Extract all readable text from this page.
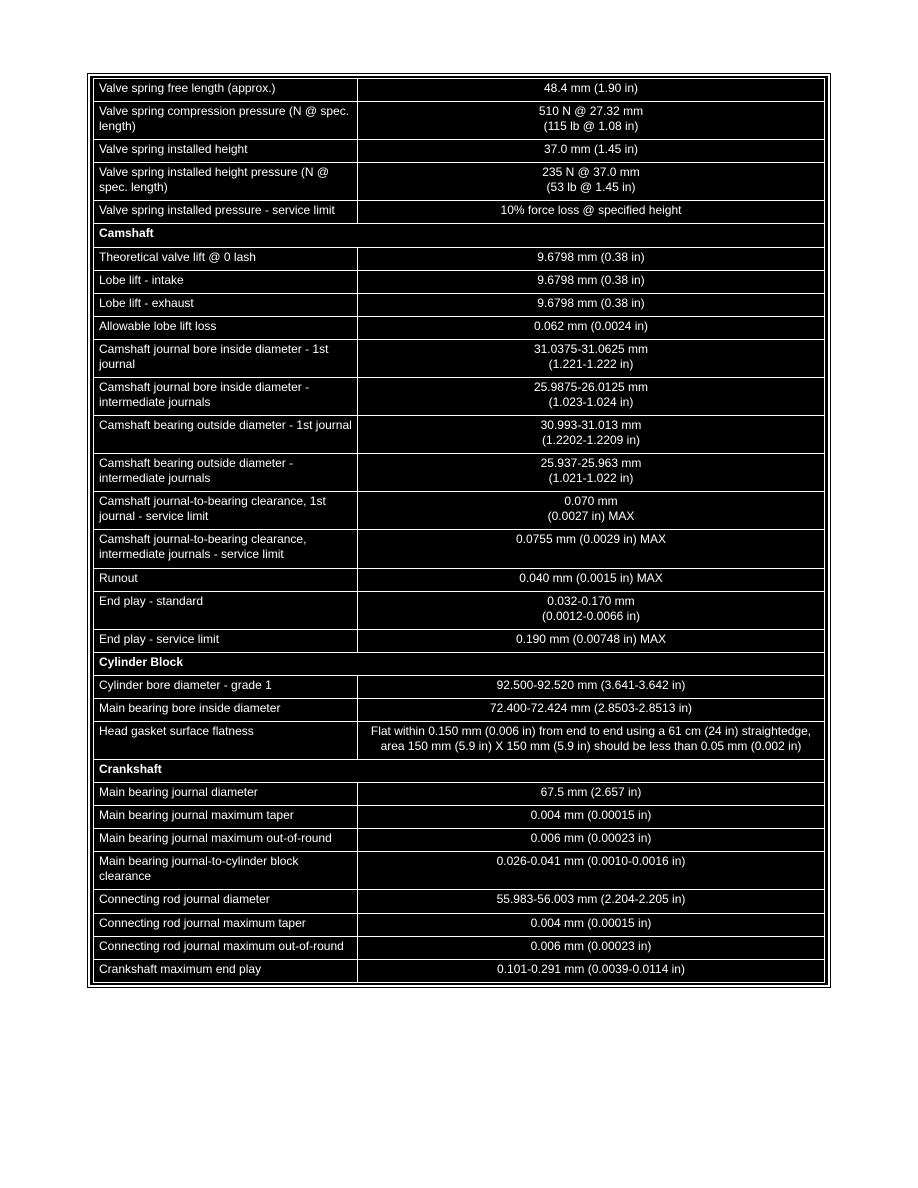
Valve spring free length (approx.)	48.4 mm (1.90 in)
Valve spring compression pressure (N @ spec. length)	510 N @ 27.32 mm
(115 lb @ 1.08 in)
Valve spring installed height	37.0 mm (1.45 in)
Valve spring installed height pressure (N @ spec. length)	235 N @ 37.0 mm
(53 lb @ 1.45 in)
Valve spring installed pressure - service limit	10% force loss @ specified height
Camshaft	
Theoretical valve lift @ 0 lash	9.6798 mm (0.38 in)
Lobe lift - intake	9.6798 mm (0.38 in)
Lobe lift - exhaust	9.6798 mm (0.38 in)
Allowable lobe lift loss	0.062 mm (0.0024 in)
Camshaft journal bore inside diameter - 1st journal	31.0375-31.0625 mm
(1.221-1.222 in)
Camshaft journal bore inside diameter - intermediate journals	25.9875-26.0125 mm
(1.023-1.024 in)
Camshaft bearing outside diameter - 1st journal	30.993-31.013 mm
(1.2202-1.2209 in)
Camshaft bearing outside diameter - intermediate journals	25.937-25.963 mm
(1.021-1.022 in)
Camshaft journal-to-bearing clearance, 1st journal - service limit	0.070 mm
(0.0027 in) MAX
Camshaft journal-to-bearing clearance, intermediate journals - service limit	0.0755 mm (0.0029 in) MAX
Runout	0.040 mm (0.0015 in) MAX
End play - standard	0.032-0.170 mm
(0.0012-0.0066 in)
End play - service limit	0.190 mm (0.00748 in) MAX
Cylinder Block	
Cylinder bore diameter - grade 1	92.500-92.520 mm (3.641-3.642 in)
Main bearing bore inside diameter	72.400-72.424 mm (2.8503-2.8513 in)
Head gasket surface flatness	Flat within 0.150 mm (0.006 in) from end to end using a 61 cm (24 in) straightedge, area 150 mm (5.9 in) X 150 mm (5.9 in) should be less than 0.05 mm (0.002 in)
Crankshaft	
Main bearing journal diameter	67.5 mm (2.657 in)
Main bearing journal maximum taper	0.004 mm (0.00015 in)
Main bearing journal maximum out-of-round	0.006 mm (0.00023 in)
Main bearing journal-to-cylinder block clearance	0.026-0.041 mm (0.0010-0.0016 in)
Connecting rod journal diameter	55.983-56.003 mm (2.204-2.205 in)
Connecting rod journal maximum taper	0.004 mm (0.00015 in)
Connecting rod journal maximum out-of-round	0.006 mm (0.00023 in)
Crankshaft maximum end play	0.101-0.291 mm (0.0039-0.0114 in)
